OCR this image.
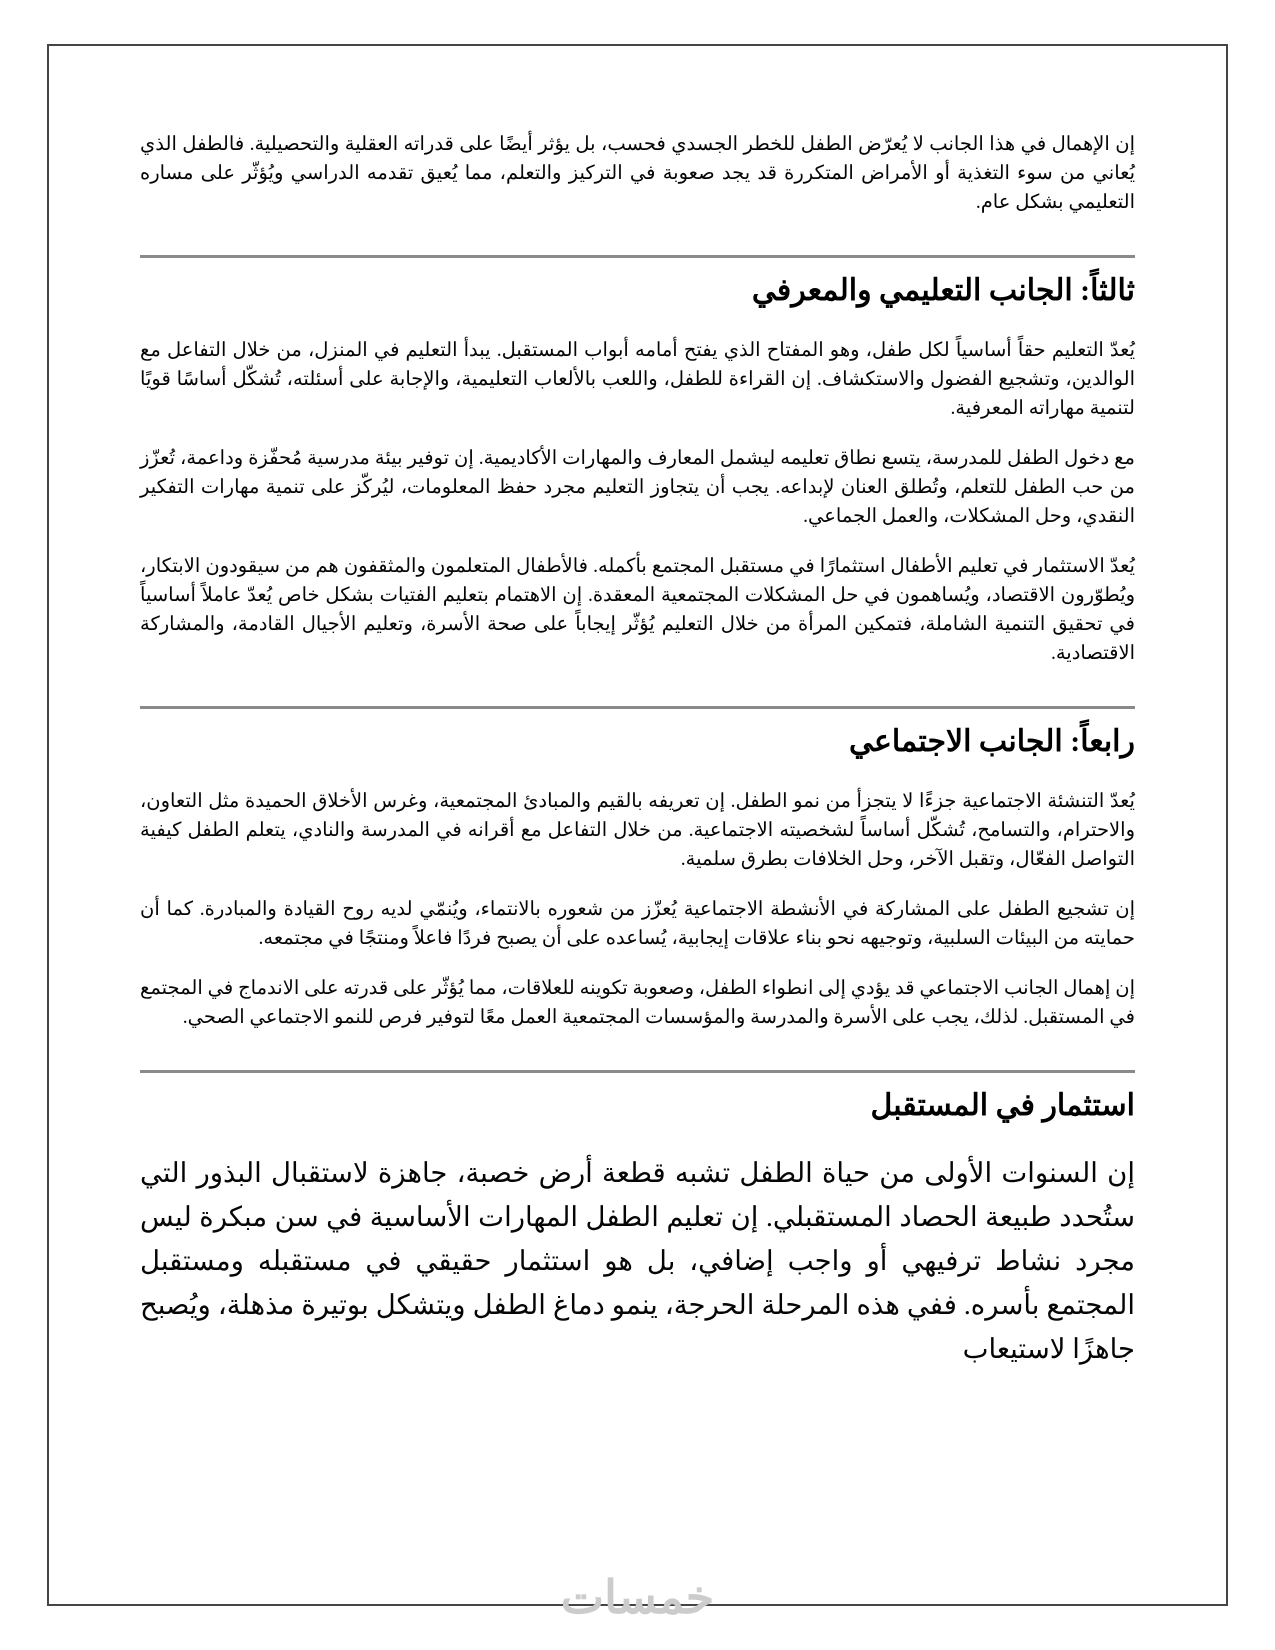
إن الإهمال في هذا الجانب لا يُعرّض الطفل للخطر الجسدي فحسب، بل يؤثر أيضًا على قدراته العقلية والتحصيلية. فالطفل الذي يُعاني من سوء التغذية أو الأمراض المتكررة قد يجد صعوبة في التركيز والتعلم، مما يُعيق تقدمه الدراسي ويُؤثّر على مساره التعليمي بشكل عام.

ثالثاً: الجانب التعليمي والمعرفي

يُعدّ التعليم حقاً أساسياً لكل طفل، وهو المفتاح الذي يفتح أمامه أبواب المستقبل. يبدأ التعليم في المنزل، من خلال التفاعل مع الوالدين، وتشجيع الفضول والاستكشاف. إن القراءة للطفل، واللعب بالألعاب التعليمية، والإجابة على أسئلته، تُشكّل أساسًا قويًا لتنمية مهاراته المعرفية.

مع دخول الطفل للمدرسة، يتسع نطاق تعليمه ليشمل المعارف والمهارات الأكاديمية. إن توفير بيئة مدرسية مُحفّزة وداعمة، تُعزّز من حب الطفل للتعلم، وتُطلق العنان لإبداعه. يجب أن يتجاوز التعليم مجرد حفظ المعلومات، ليُركّز على تنمية مهارات التفكير النقدي، وحل المشكلات، والعمل الجماعي.

يُعدّ الاستثمار في تعليم الأطفال استثمارًا في مستقبل المجتمع بأكمله. فالأطفال المتعلمون والمثقفون هم من سيقودون الابتكار، ويُطوّرون الاقتصاد، ويُساهمون في حل المشكلات المجتمعية المعقدة. إن الاهتمام بتعليم الفتيات بشكل خاص يُعدّ عاملاً أساسياً في تحقيق التنمية الشاملة، فتمكين المرأة من خلال التعليم يُؤثّر إيجاباً على صحة الأسرة، وتعليم الأجيال القادمة، والمشاركة الاقتصادية.

رابعاً: الجانب الاجتماعي

يُعدّ التنشئة الاجتماعية جزءًا لا يتجزأ من نمو الطفل. إن تعريفه بالقيم والمبادئ المجتمعية، وغرس الأخلاق الحميدة مثل التعاون، والاحترام، والتسامح، تُشكّل أساساً لشخصيته الاجتماعية. من خلال التفاعل مع أقرانه في المدرسة والنادي، يتعلم الطفل كيفية التواصل الفعّال، وتقبل الآخر، وحل الخلافات بطرق سلمية.

إن تشجيع الطفل على المشاركة في الأنشطة الاجتماعية يُعزّز من شعوره بالانتماء، ويُنمّي لديه روح القيادة والمبادرة. كما أن حمايته من البيئات السلبية، وتوجيهه نحو بناء علاقات إيجابية، يُساعده على أن يصبح فردًا فاعلاً ومنتجًا في مجتمعه.

إن إهمال الجانب الاجتماعي قد يؤدي إلى انطواء الطفل، وصعوبة تكوينه للعلاقات، مما يُؤثّر على قدرته على الاندماج في المجتمع في المستقبل. لذلك، يجب على الأسرة والمدرسة والمؤسسات المجتمعية العمل معًا لتوفير فرص للنمو الاجتماعي الصحي.

استثمار في المستقبل

إن السنوات الأولى من حياة الطفل تشبه قطعة أرض خصبة، جاهزة لاستقبال البذور التي ستُحدد طبيعة الحصاد المستقبلي. إن تعليم الطفل المهارات الأساسية في سن مبكرة ليس مجرد نشاط ترفيهي أو واجب إضافي، بل هو استثمار حقيقي في مستقبله ومستقبل المجتمع بأسره. ففي هذه المرحلة الحرجة، ينمو دماغ الطفل ويتشكل بوتيرة مذهلة، ويُصبح جاهزًا لاستيعاب

خمسات
